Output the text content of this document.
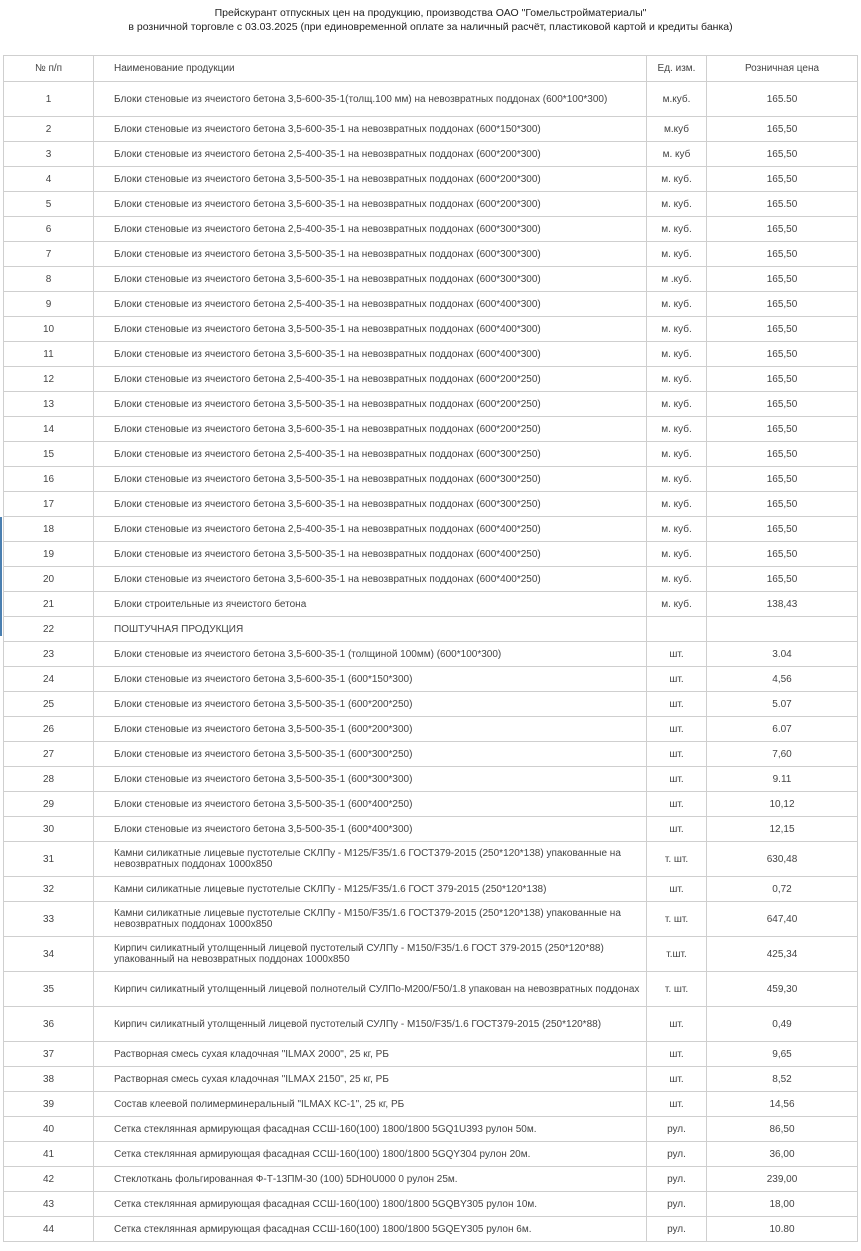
Прейскурант отпускных цен на продукцию, производства ОАО "Гомельстройматериалы"
в розничной торговле с 03.03.2025 (при единовременной оплате за наличный расчёт, пластиковой картой и кредиты банка)
№ п/п	Наименование продукции	Ед. изм.	Розничная цена
1	Блоки стеновые из ячеистого бетона 3,5-600-35-1(толщ.100 мм) на невозвратных поддонах (600*100*300)	м.куб.	165.50
2	Блоки стеновые из ячеистого бетона 3,5-600-35-1 на невозвратных поддонах (600*150*300)	м.куб	165,50
3	Блоки стеновые из ячеистого бетона 2,5-400-35-1 на невозвратных поддонах (600*200*300)	м. куб	165,50
4	Блоки стеновые из ячеистого бетона 3,5-500-35-1 на невозвратных поддонах (600*200*300)	м. куб.	165,50
5	Блоки стеновые из ячеистого бетона 3,5-600-35-1 на невозвратных поддонах (600*200*300)	м. куб.	165.50
6	Блоки стеновые из ячеистого бетона 2,5-400-35-1 на невозвратных поддонах (600*300*300)	м. куб.	165,50
7	Блоки стеновые из ячеистого бетона 3,5-500-35-1 на невозвратных поддонах (600*300*300)	м. куб.	165,50
8	Блоки стеновые из ячеистого бетона 3,5-600-35-1 на невозвратных поддонах (600*300*300)	м .куб.	165,50
9	Блоки стеновые из ячеистого бетона 2,5-400-35-1 на невозвратных поддонах (600*400*300)	м. куб.	165,50
10	Блоки стеновые из ячеистого бетона 3,5-500-35-1 на невозвратных поддонах (600*400*300)	м. куб.	165,50
11	Блоки стеновые из ячеистого бетона 3,5-600-35-1 на невозвратных поддонах (600*400*300)	м. куб.	165,50
12	Блоки стеновые из ячеистого бетона 2,5-400-35-1 на невозвратных поддонах (600*200*250)	м. куб.	165,50
13	Блоки стеновые из ячеистого бетона 3,5-500-35-1 на невозвратных поддонах (600*200*250)	м. куб.	165,50
14	Блоки стеновые из ячеистого бетона 3,5-600-35-1 на невозвратных поддонах (600*200*250)	м. куб.	165,50
15	Блоки стеновые из ячеистого бетона 2,5-400-35-1 на невозвратных поддонах (600*300*250)	м. куб.	165,50
16	Блоки стеновые из ячеистого бетона 3,5-500-35-1 на невозвратных поддонах (600*300*250)	м. куб.	165,50
17	Блоки стеновые из ячеистого бетона 3,5-600-35-1 на невозвратных поддонах (600*300*250)	м. куб.	165,50
18	Блоки стеновые из ячеистого бетона 2,5-400-35-1 на невозвратных поддонах (600*400*250)	м. куб.	165,50
19	Блоки стеновые из ячеистого бетона 3,5-500-35-1 на невозвратных поддонах (600*400*250)	м. куб.	165,50
20	Блоки стеновые из ячеистого бетона 3,5-600-35-1 на невозвратных поддонах (600*400*250)	м. куб.	165,50
21	Блоки строительные из ячеистого бетона	м. куб.	138,43
22	ПОШТУЧНАЯ ПРОДУКЦИЯ		
23	Блоки стеновые из ячеистого бетона 3,5-600-35-1 (толщиной 100мм) (600*100*300)	шт.	3.04
24	Блоки стеновые из ячеистого бетона 3,5-600-35-1 (600*150*300)	шт.	4,56
25	Блоки стеновые из ячеистого бетона 3,5-500-35-1 (600*200*250)	шт.	5.07
26	Блоки стеновые из ячеистого бетона 3,5-500-35-1 (600*200*300)	шт.	6.07
27	Блоки стеновые из ячеистого бетона 3,5-500-35-1 (600*300*250)	шт.	7,60
28	Блоки стеновые из ячеистого бетона 3,5-500-35-1 (600*300*300)	шт.	9.11
29	Блоки стеновые из ячеистого бетона 3,5-500-35-1 (600*400*250)	шт.	10,12
30	Блоки стеновые из ячеистого бетона 3,5-500-35-1 (600*400*300)	шт.	12,15
31	Камни силикатные лицевые пустотелые СКЛПу - М125/F35/1.6 ГОСТ379-2015 (250*120*138) упакованные на невозвратных поддонах 1000х850	т. шт.	630,48
32	Камни силикатные лицевые пустотелые СКЛПу - М125/F35/1.6 ГОСТ 379-2015 (250*120*138)	шт.	0,72
33	Камни силикатные лицевые пустотелые СКЛПу - М150/F35/1.6 ГОСТ379-2015 (250*120*138) упакованные на невозвратных поддонах 1000х850	т. шт.	647,40
34	Кирпич силикатный утолщенный лицевой пустотелый СУЛПу - М150/F35/1.6 ГОСТ 379-2015 (250*120*88) упакованный на невозвратных поддонах 1000х850	т.шт.	425,34
35	Кирпич силикатный утолщенный лицевой полнотелый СУЛПо-М200/F50/1.8 упакован на невозвратных поддонах	т. шт.	459,30
36	Кирпич силикатный утолщенный лицевой пустотелый СУЛПу - М150/F35/1.6 ГОСТ379-2015 (250*120*88)	шт.	0,49
37	Растворная смесь сухая кладочная "ILMAX 2000", 25 кг, РБ	шт.	9,65
38	Растворная смесь сухая кладочная "ILMAX 2150", 25 кг, РБ	шт.	8,52
39	Состав клеевой полимерминеральный "ILMAX КС-1", 25 кг, РБ	шт.	14,56
40	Сетка стеклянная армирующая фасадная ССШ-160(100) 1800/1800 5GQ1U393 рулон 50м.	рул.	86,50
41	Сетка стеклянная армирующая фасадная ССШ-160(100) 1800/1800 5GQY304 рулон 20м.	рул.	36,00
42	Стеклоткань фольгированная Ф-Т-13ПМ-30 (100) 5DH0U000 0 рулон 25м.	рул.	239,00
43	Сетка стеклянная армирующая фасадная ССШ-160(100) 1800/1800 5GQBY305 рулон 10м.	рул.	18,00
44	Сетка стеклянная армирующая фасадная ССШ-160(100) 1800/1800 5GQEY305 рулон 6м.	рул.	10.80
